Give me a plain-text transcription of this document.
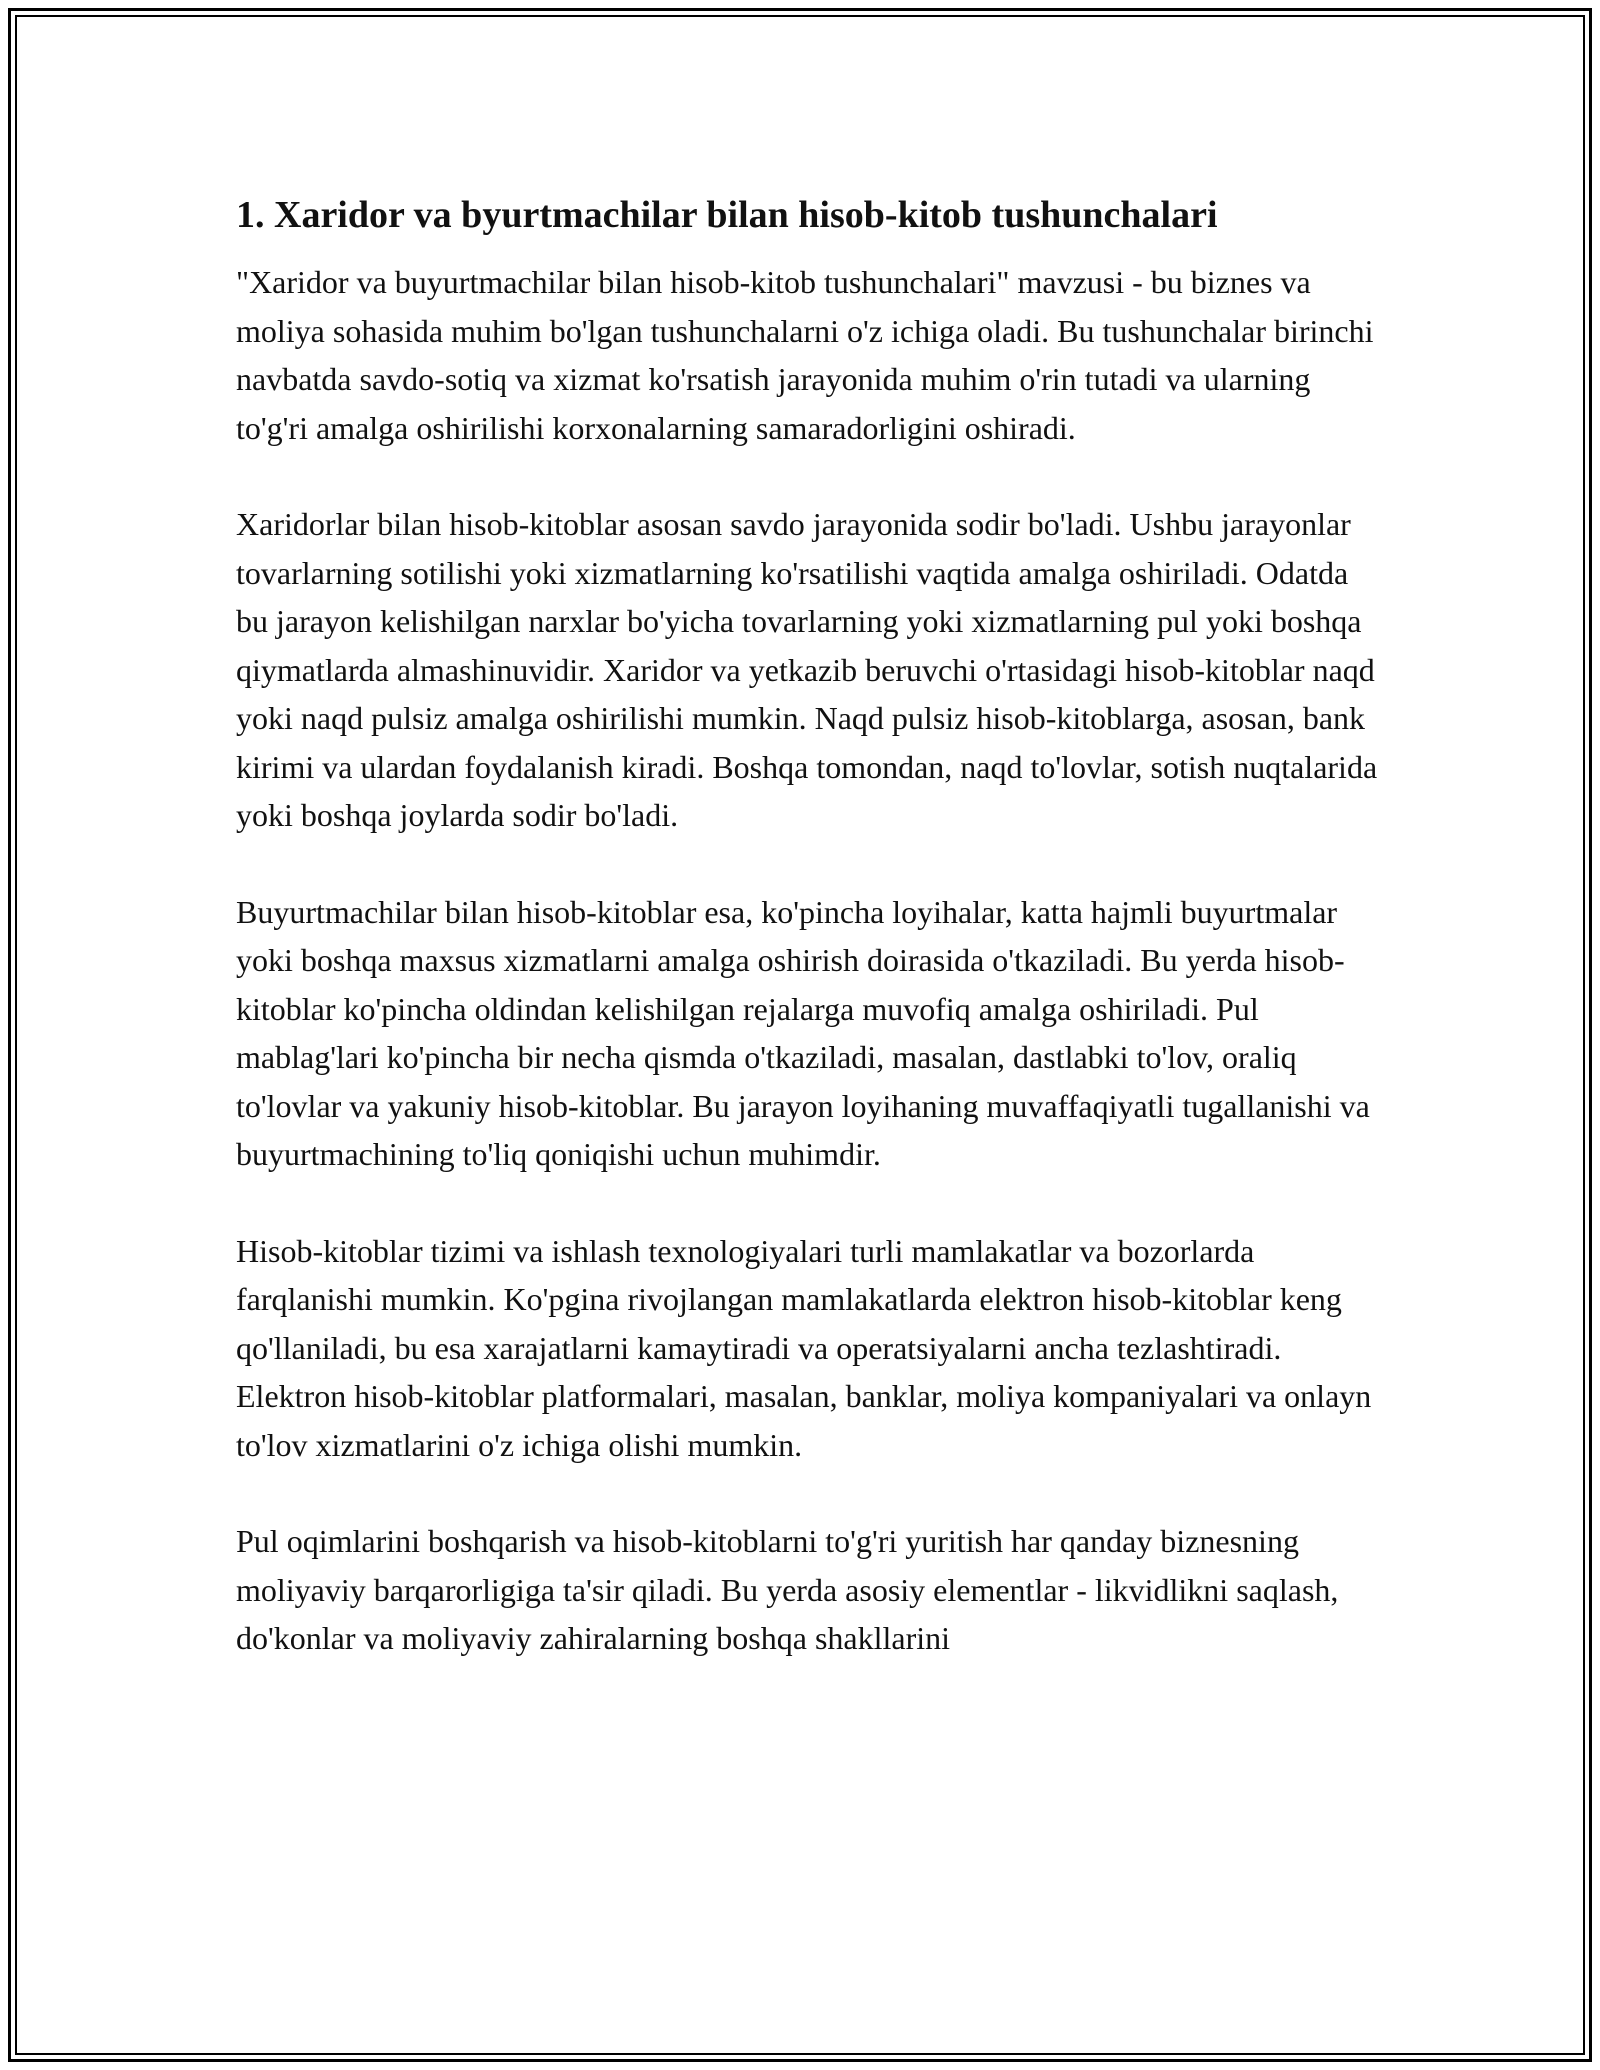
1. Xaridor va byurtmachilar bilan hisob-kitob tushunchalari

"Xaridor va buyurtmachilar bilan hisob-kitob tushunchalari" mavzusi - bu biznes va moliya sohasida muhim bo'lgan tushunchalarni o'z ichiga oladi. Bu tushunchalar birinchi navbatda savdo-sotiq va xizmat ko'rsatish jarayonida muhim o'rin tutadi va ularning to'g'ri amalga oshirilishi korxonalarning samaradorligini oshiradi.

Xaridorlar bilan hisob-kitoblar asosan savdo jarayonida sodir bo'ladi. Ushbu jarayonlar tovarlarning sotilishi yoki xizmatlarning ko'rsatilishi vaqtida amalga oshiriladi. Odatda bu jarayon kelishilgan narxlar bo'yicha tovarlarning yoki xizmatlarning pul yoki boshqa qiymatlarda almashinuvidir. Xaridor va yetkazib beruvchi o'rtasidagi hisob-kitoblar naqd yoki naqd pulsiz amalga oshirilishi mumkin. Naqd pulsiz hisob-kitoblarga, asosan, bank kirimi va ulardan foydalanish kiradi. Boshqa tomondan, naqd to'lovlar, sotish nuqtalarida yoki boshqa joylarda sodir bo'ladi.

Buyurtmachilar bilan hisob-kitoblar esa, ko'pincha loyihalar, katta hajmli buyurtmalar yoki boshqa maxsus xizmatlarni amalga oshirish doirasida o'tkaziladi. Bu yerda hisob-kitoblar ko'pincha oldindan kelishilgan rejalarga muvofiq amalga oshiriladi. Pul mablag'lari ko'pincha bir necha qismda o'tkaziladi, masalan, dastlabki to'lov, oraliq to'lovlar va yakuniy hisob-kitoblar. Bu jarayon loyihaning muvaffaqiyatli tugallanishi va buyurtmachining to'liq qoniqishi uchun muhimdir.

Hisob-kitoblar tizimi va ishlash texnologiyalari turli mamlakatlar va bozorlarda farqlanishi mumkin. Ko'pgina rivojlangan mamlakatlarda elektron hisob-kitoblar keng qo'llaniladi, bu esa xarajatlarni kamaytiradi va operatsiyalarni ancha tezlashtiradi. Elektron hisob-kitoblar platformalari, masalan, banklar, moliya kompaniyalari va onlayn to'lov xizmatlarini o'z ichiga olishi mumkin.

Pul oqimlarini boshqarish va hisob-kitoblarni to'g'ri yuritish har qanday biznesning moliyaviy barqarorligiga ta'sir qiladi. Bu yerda asosiy elementlar - likvidlikni saqlash, do'konlar va moliyaviy zahiralarning boshqa shakllarini
